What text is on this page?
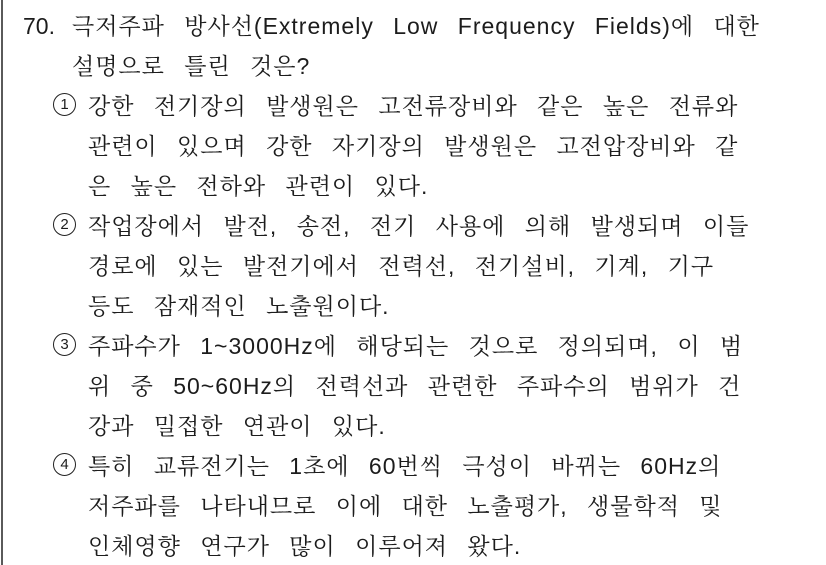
70. 극저주파 방사선(Extremely Low Frequency Fields)에 대한
설명으로 틀린 것은?
1 강한 전기장의 발생원은 고전류장비와 같은 높은 전류와
관련이 있으며 강한 자기장의 발생원은 고전압장비와 같
은 높은 전하와 관련이 있다.
2 작업장에서 발전, 송전, 전기 사용에 의해 발생되며 이들
경로에 있는 발전기에서 전력선, 전기설비, 기계, 기구
등도 잠재적인 노출원이다.
3 주파수가 1~3000Hz에 해당되는 것으로 정의되며, 이 범
위 중 50~60Hz의 전력선과 관련한 주파수의 범위가 건
강과 밀접한 연관이 있다.
4 특히 교류전기는 1초에 60번씩 극성이 바뀌는 60Hz의
저주파를 나타내므로 이에 대한 노출평가, 생물학적 및
인체영향 연구가 많이 이루어져 왔다.
